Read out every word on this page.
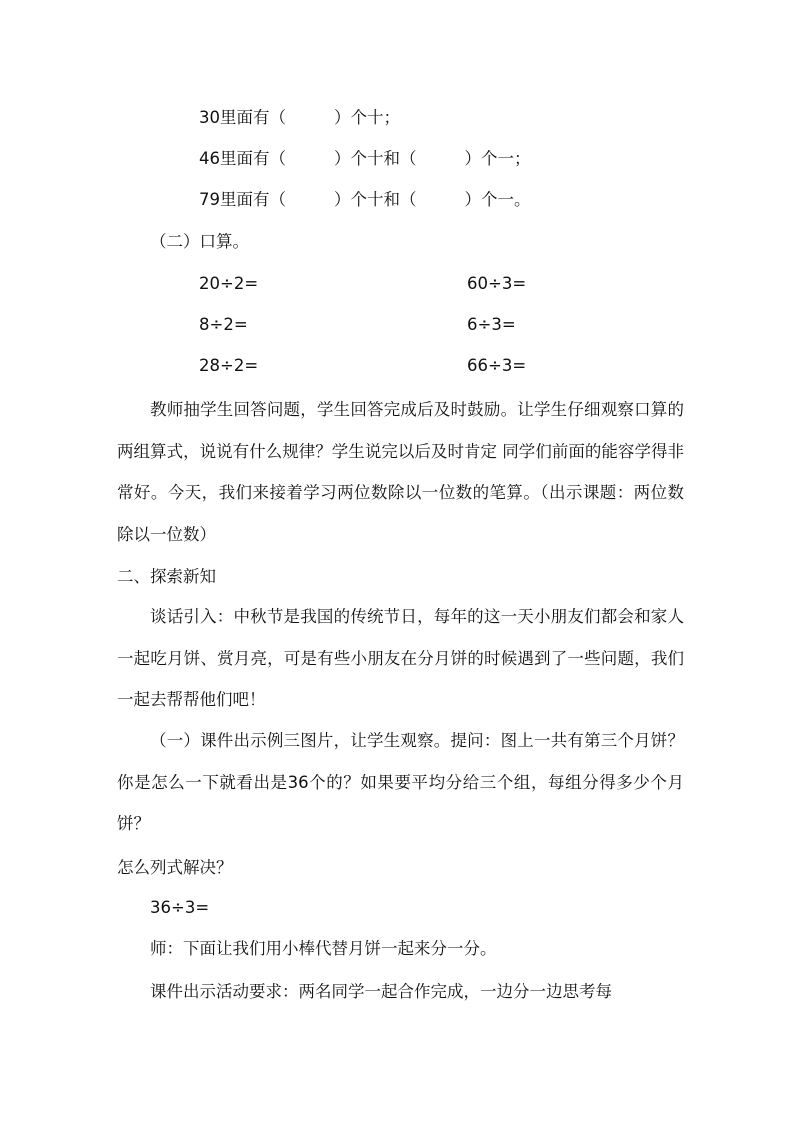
30里面有（	）个十；
46里面有（	）个十和（	）个一；
79里面有（	）个十和（	）个一。
（二）口算。
20÷2=	60÷3=
8÷2=	6÷3=
28÷2=	66÷3=
教师抽学生回答问题，学生回答完成后及时鼓励。让学生仔细观察口算的两组算式，说说有什么规律？学生说完以后及时肯定 同学们前面的能容学得非常好。今天，我们来接着学习两位数除以一位数的笔算。（出示课题：两位数除以一位数）
二、探索新知
谈话引入：中秋节是我国的传统节日，每年的这一天小朋友们都会和家人一起吃月饼、赏月亮，可是有些小朋友在分月饼的时候遇到了一些问题，我们一起去帮帮他们吧！
（一）课件出示例三图片，让学生观察。提问：图上一共有第三个月饼？你是怎么一下就看出是36个的？如果要平均分给三个组，每组分得多少个月饼？
怎么列式解决？
36÷3=
师：下面让我们用小棒代替月饼一起来分一分。
课件出示活动要求：两名同学一起合作完成，一边分一边思考每
